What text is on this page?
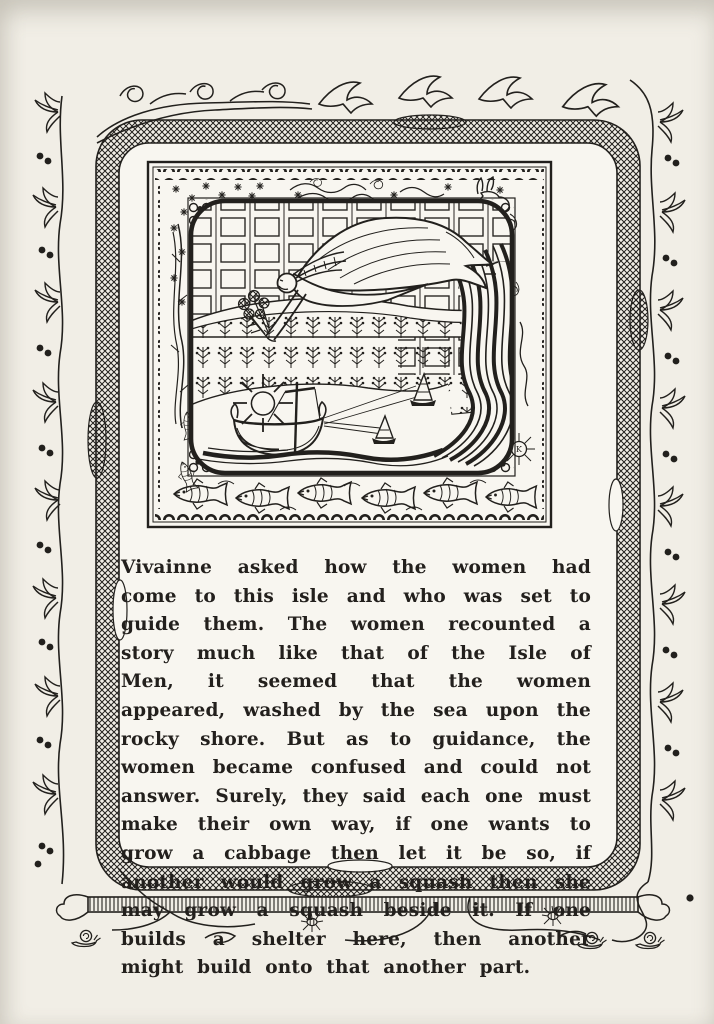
K

Vivainne asked how the women had come to this isle and who was set to guide them. The women recounted a story much like that of the Isle of Men, it seemed that the women appeared, washed by the sea upon the rocky shore. But as to guidance, the women became confused and could not answer. Surely, they said each one must make their own way, if one wants to grow a cabbage then let it be so, if another would grow a squash then she may grow a squash beside it. If one builds a shelter here, then another might build onto that another part.
